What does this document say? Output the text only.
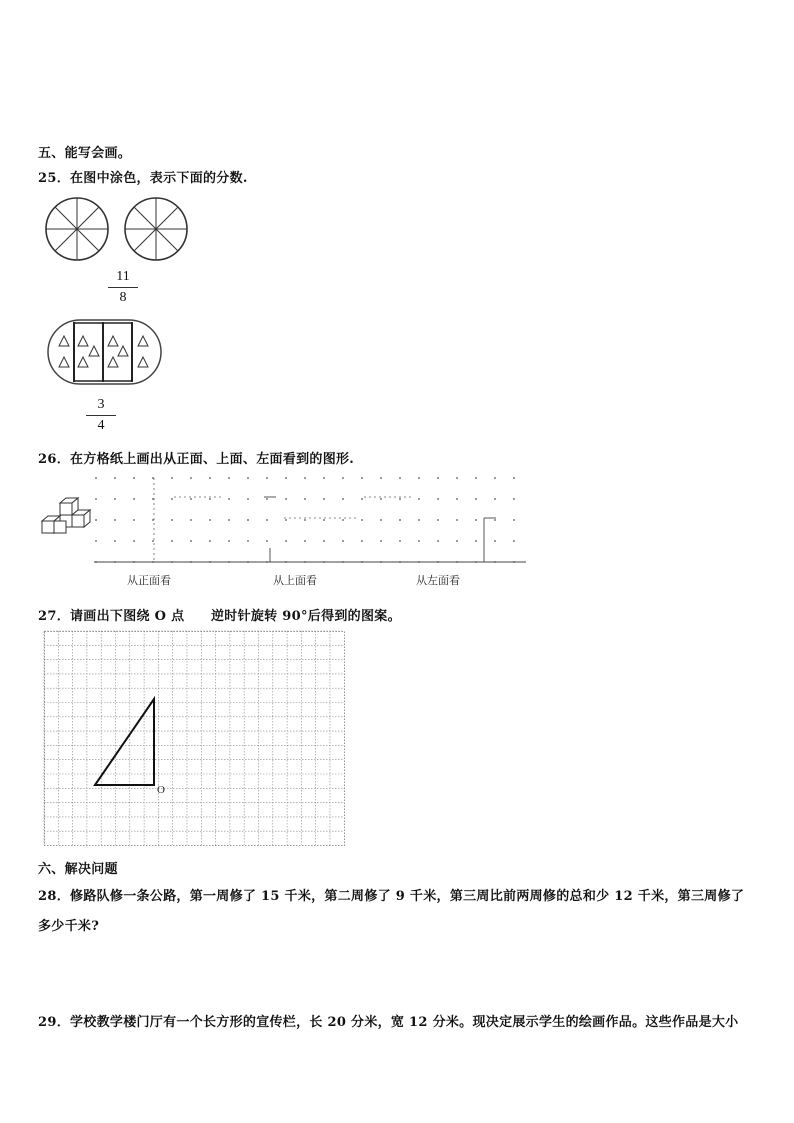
五、能写会画。
25．在图中涂色，表示下面的分数.
11
8
3
4
26．在方格纸上画出从正面、上面、左面看到的图形.
从正面看	从上面看	从左面看
27．请画出下图绕 O 点　　逆时针旋转 90°后得到的图案。
O
六、解决问题
28．修路队修一条公路，第一周修了 15 千米，第二周修了 9 千米，第三周比前两周修的总和少 12 千米，第三周修了
多少千米?
29．学校教学楼门厅有一个长方形的宣传栏，长 20 分米，宽 12 分米。现决定展示学生的绘画作品。这些作品是大小
